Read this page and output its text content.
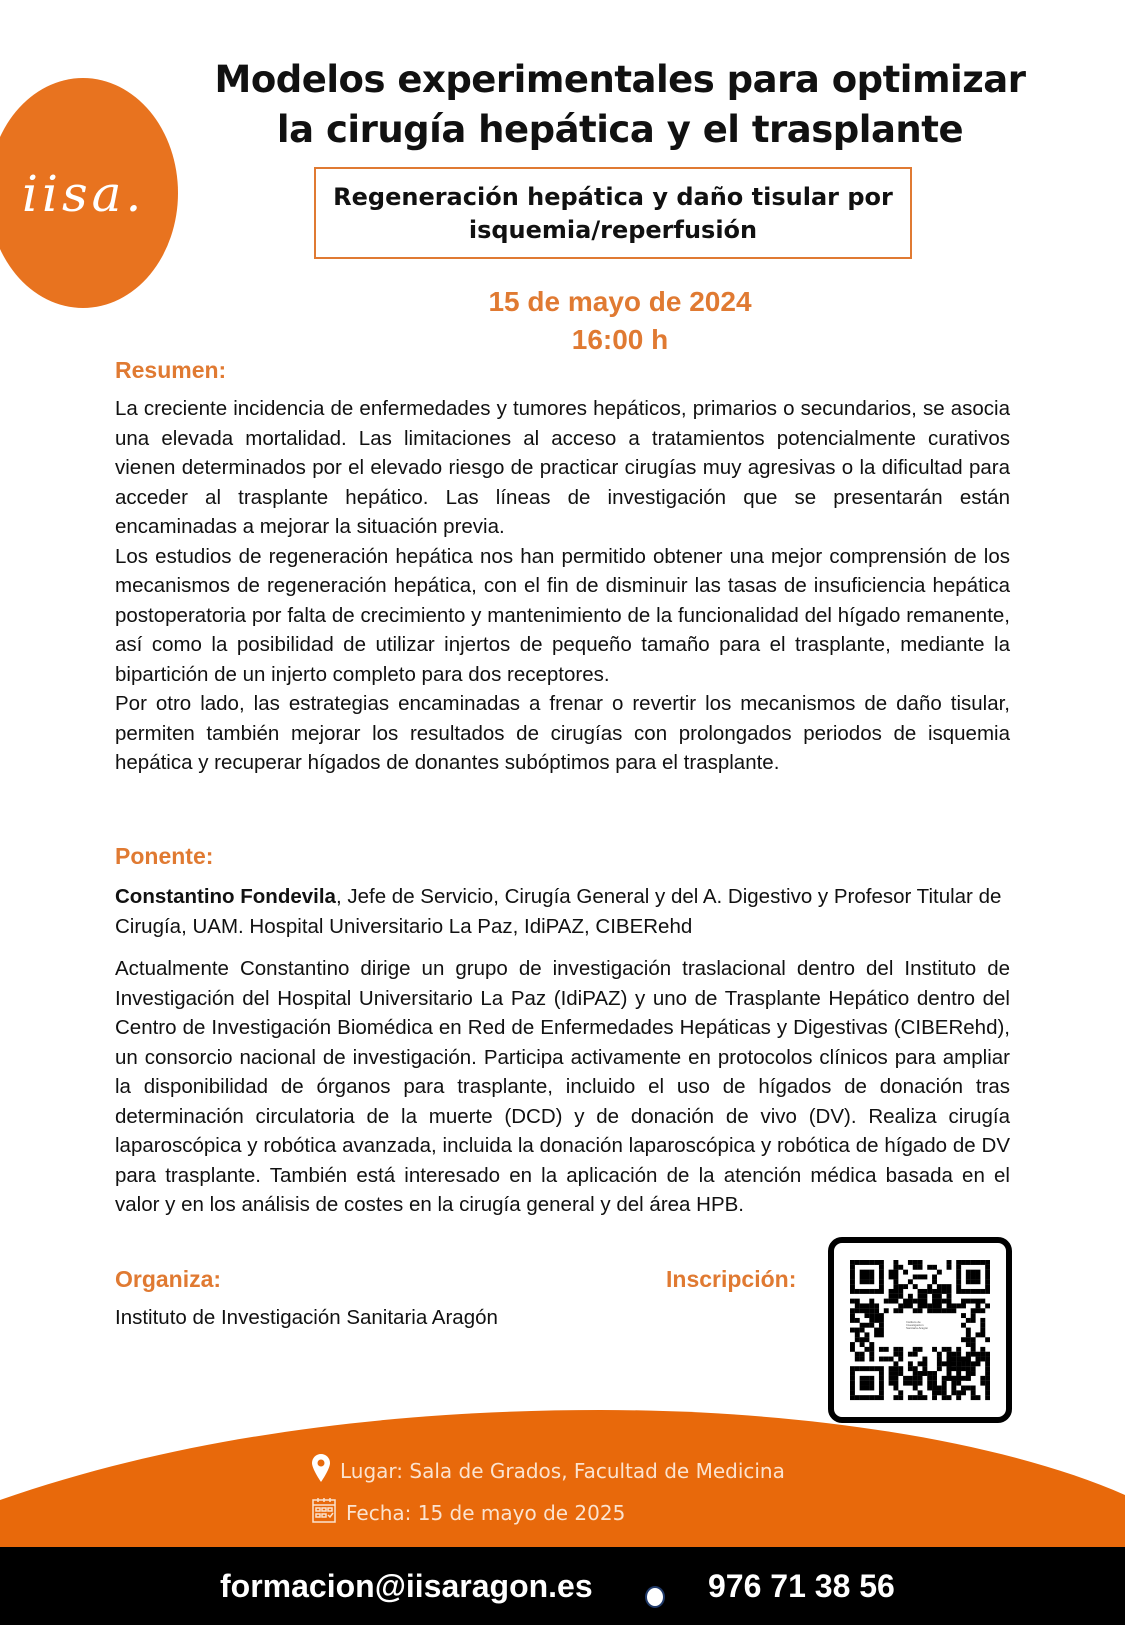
iisa.
Modelos experimentales para optimizar
la cirugía hepática y el trasplante
Regeneración hepática y daño tisular por
isquemia/reperfusión
15 de mayo de 2024
16:00 h
Resumen:

La creciente incidencia de enfermedades y tumores hepáticos, primarios o secundarios, se asocia una elevada mortalidad. Las limitaciones al acceso a tratamientos potencialmente curativos vienen determinados por el elevado riesgo de practicar cirugías muy agresivas o la dificultad para acceder al trasplante hepático. Las líneas de investigación que se presentarán están encaminadas a mejorar la situación previa.

Los estudios de regeneración hepática nos han permitido obtener una mejor comprensión de los mecanismos de regeneración hepática, con el fin de disminuir las tasas de insuficiencia hepática postoperatoria por falta de crecimiento y mantenimiento de la funcionalidad del hígado remanente, así como la posibilidad de utilizar injertos de pequeño tamaño para el trasplante, mediante la bipartición de un injerto completo para dos receptores.

Por otro lado, las estrategias encaminadas a frenar o revertir los mecanismos de daño tisular, permiten también mejorar los resultados de cirugías con prolongados periodos de isquemia hepática y recuperar hígados de donantes subóptimos para el trasplante.

Ponente:
Constantino Fondevila, Jefe de Servicio, Cirugía General y del A. Digestivo y Profesor Titular de Cirugía, UAM. Hospital Universitario La Paz, IdiPAZ, CIBERehd
Actualmente Constantino dirige un grupo de investigación traslacional dentro del Instituto de Investigación del Hospital Universitario La Paz (IdiPAZ) y uno de Trasplante Hepático dentro del Centro de Investigación Biomédica en Red de Enfermedades Hepáticas y Digestivas (CIBERehd), un consorcio nacional de investigación. Participa activamente en protocolos clínicos para ampliar la disponibilidad de órganos para trasplante, incluido el uso de hígados de donación tras determinación circulatoria de la muerte (DCD) y de donación de vivo (DV). Realiza cirugía laparoscópica y robótica avanzada, incluida la donación laparoscópica y robótica de hígado de DV para trasplante. También está interesado en la aplicación de la atención médica basada en el valor y en los análisis de costes en la cirugía general y del área HPB.
Organiza:
Instituto de Investigación Sanitaria Aragón
Inscripción:
Instituto de Investigación Sanitaria Aragón
Lugar: Sala de Grados, Facultad de Medicina
Fecha: 15 de mayo de 2025
formacion@iisaragon.es	976 71 38 56
